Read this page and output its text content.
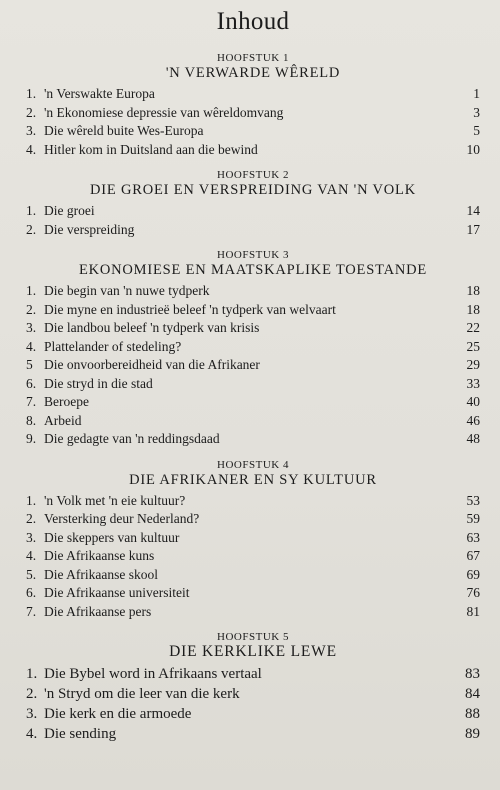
Inhoud
HOOFSTUK 1
'N VERWARDE WÊRELD
1. 'n Verswakte Europa	1
2. 'n Ekonomiese depressie van wêreldomvang	3
3. Die wêreld buite Wes-Europa	5
4. Hitler kom in Duitsland aan die bewind	10
HOOFSTUK 2
DIE GROEI EN VERSPREIDING VAN 'N VOLK
1. Die groei	14
2. Die verspreiding	17
HOOFSTUK 3
EKONOMIESE EN MAATSKAPLIKE TOESTANDE
1. Die begin van 'n nuwe tydperk	18
2. Die myne en industrieë beleef 'n tydperk van welvaart	18
3. Die landbou beleef 'n tydperk van krisis	22
4. Plattelander of stedeling?	25
5 Die onvoorbereidheid van die Afrikaner	29
6. Die stryd in die stad	33
7. Beroepe	40
8. Arbeid	46
9. Die gedagte van 'n reddingsdaad	48
HOOFSTUK 4
DIE AFRIKANER EN SY KULTUUR
1. 'n Volk met 'n eie kultuur?	53
2. Versterking deur Nederland?	59
3. Die skeppers van kultuur	63
4. Die Afrikaanse kuns	67
5. Die Afrikaanse skool	69
6. Die Afrikaanse universiteit	76
7. Die Afrikaanse pers	81
HOOFSTUK 5
DIE KERKLIKE LEWE
1. Die Bybel word in Afrikaans vertaal	83
2. 'n Stryd om die leer van die kerk	84
3. Die kerk en die armoede	88
4. Die sending	89
